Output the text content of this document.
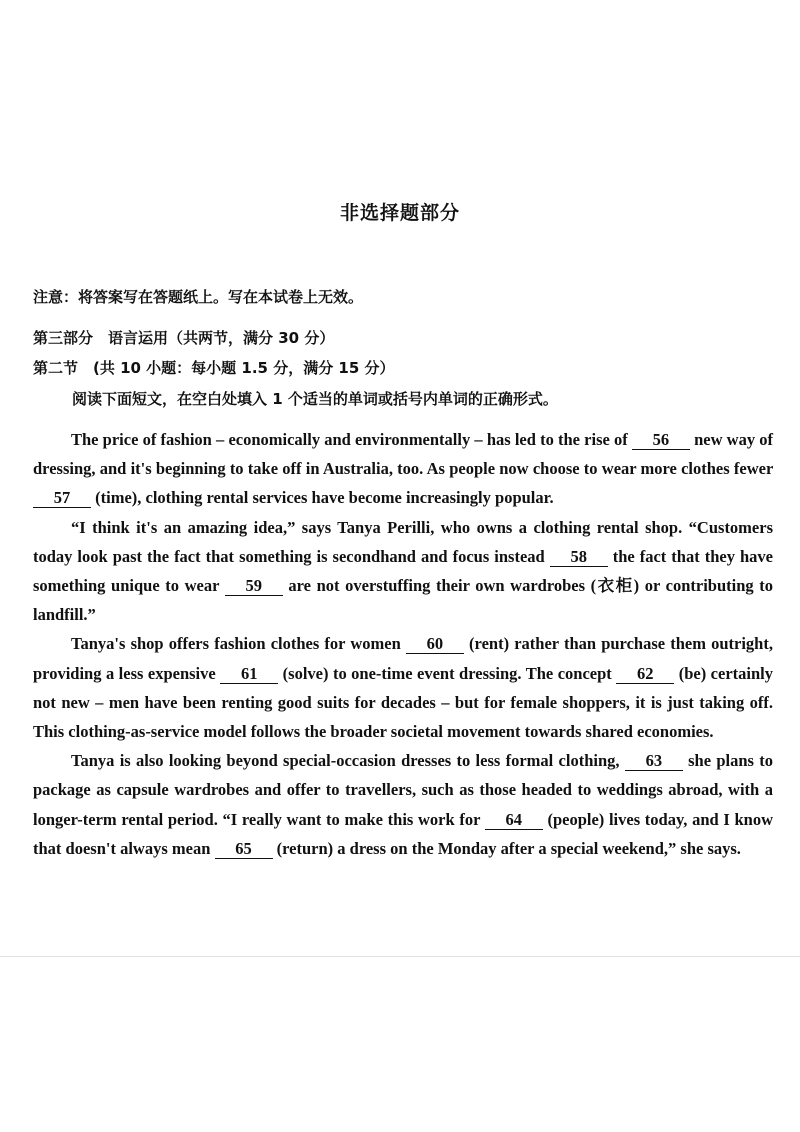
非选择题部分
注意：将答案写在答题纸上。写在本试卷上无效。
第三部分　语言运用（共两节，满分 30 分）
第二节　(共 10 小题：每小题 1.5 分，满分 15 分）
阅读下面短文，在空白处填入 1 个适当的单词或括号内单词的正确形式。

The price of fashion – economically and environmentally – has led to the rise of 56 new way of dressing, and it's beginning to take off in Australia, too. As people now choose to wear more clothes fewer 57 (time), clothing rental services have become increasingly popular.

“I think it's an amazing idea,” says Tanya Perilli, who owns a clothing rental shop. “Customers today look past the fact that something is secondhand and focus instead 58 the fact that they have something unique to wear 59 are not overstuffing their own wardrobes (衣柜) or contributing to landfill.”

Tanya's shop offers fashion clothes for women 60 (rent) rather than purchase them outright, providing a less expensive 61 (solve) to one-time event dressing. The concept 62 (be) certainly not new – men have been renting good suits for decades – but for female shoppers, it is just taking off. This clothing-as-service model follows the broader societal movement towards shared economies.

Tanya is also looking beyond special-occasion dresses to less formal clothing, 63 she plans to package as capsule wardrobes and offer to travellers, such as those headed to weddings abroad, with a longer-term rental period. “I really want to make this work for 64 (people) lives today, and I know that doesn't always mean 65 (return) a dress on the Monday after a special weekend,” she says.
